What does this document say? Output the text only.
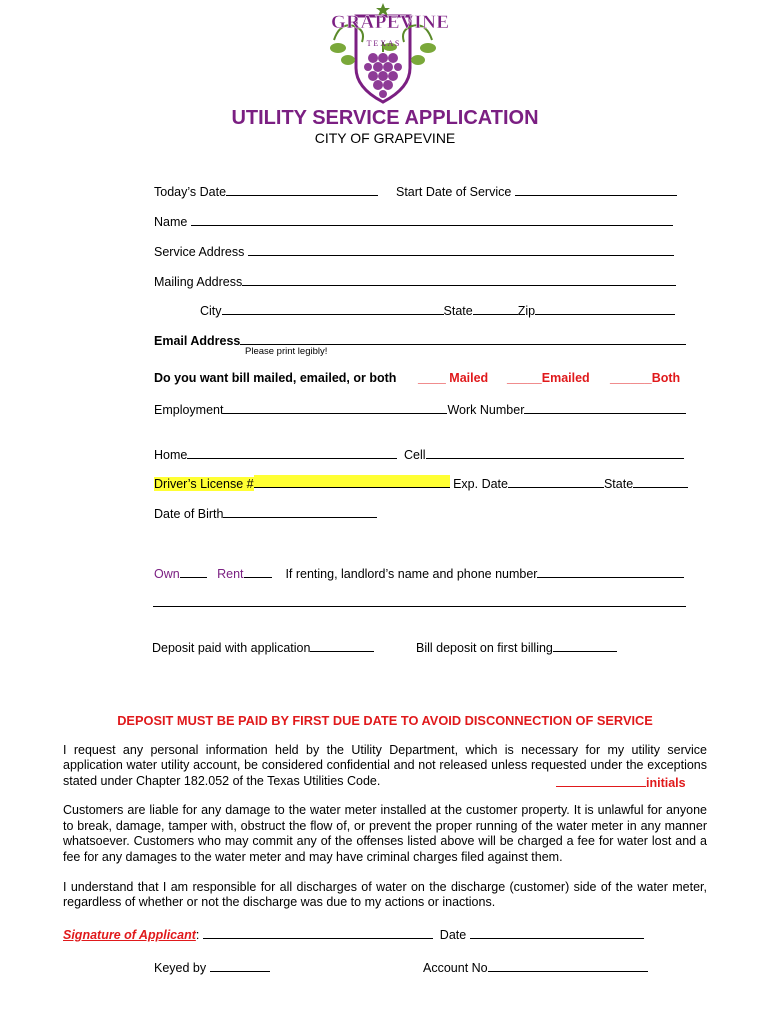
GRAPEVINE
T E X A S
UTILITY SERVICE APPLICATION
CITY OF GRAPEVINE
Today’s Date	Start Date of Service
Name
Service Address
Mailing Address
City	State	Zip
Email Address
Please print legibly!
Do you want bill mailed, emailed, or both ____ Mailed _____Emailed ______Both
Employment	Work Number
Home	Cell
Driver’s License #	Exp. Date	State
Date of Birth
Own	Rent	If renting, landlord’s name and phone number
Deposit paid with application	Bill deposit on first billing
DEPOSIT MUST BE PAID BY FIRST DUE DATE TO AVOID DISCONNECTION OF SERVICE
I request any personal information held by the Utility Department, which is necessary for my utility service application water utility account, be considered confidential and not released unless requested under the exceptions stated under Chapter 182.052 of the Texas Utilities Code.	initials
Customers are liable for any damage to the water meter installed at the customer property. It is unlawful for anyone to break, damage, tamper with, obstruct the flow of, or prevent the proper running of the water meter in any manner whatsoever. Customers who may commit any of the offenses listed above will be charged a fee for water lost and a fee for any damages to the water meter and may have criminal charges filed against them.
I understand that I am responsible for all discharges of water on the discharge (customer) side of the water meter, regardless of whether or not the discharge was due to my actions or inactions.
Signature of Applicant:	Date
Keyed by	Account No
